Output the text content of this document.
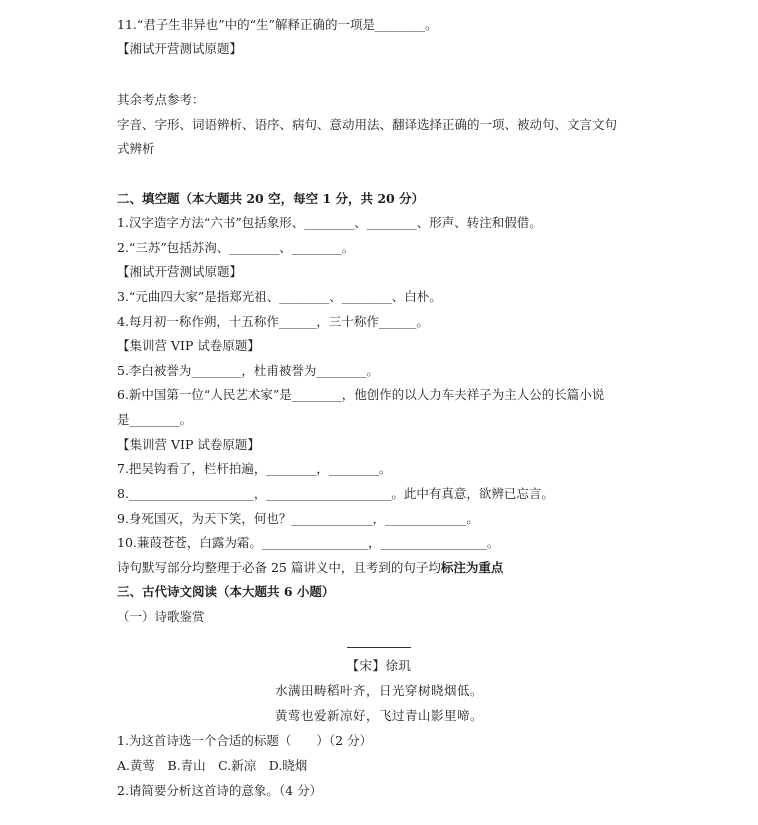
11.“君子生非异也”中的“生”解释正确的一项是________。
【湘试开营测试原题】
其余考点参考：
字音、字形、词语辨析、语序、病句、意动用法、翻译选择正确的一项、被动句、文言文句
式辨析
二、填空题（本大题共 20 空，每空 1 分，共 20 分）
1.汉字造字方法“六书”包括象形、________、________、形声、转注和假借。
2.“三苏”包括苏洵、________、________。
【湘试开营测试原题】
3.“元曲四大家”是指郑光祖、________、________、白朴。
4.每月初一称作朔，十五称作______，三十称作______。
【集训营 VIP 试卷原题】
5.李白被誉为________，杜甫被誉为________。
6.新中国第一位“人民艺术家”是________，他创作的以人力车夫祥子为主人公的长篇小说
是________。
【集训营 VIP 试卷原题】
7.把吴钩看了，栏杆拍遍，________，________。
8.____________________，____________________。此中有真意，欲辨已忘言。
9.身死国灭，为天下笑，何也？_____________，_____________。
10.蒹葭苍苍，白露为霜。_________________，_________________。
诗句默写部分均整理于必备 25 篇讲义中，且考到的句子均标注为重点
三、古代诗文阅读（本大题共 6 小题）
（一）诗歌鉴赏
【宋】徐玑
水满田畴稻叶齐，日光穿树晓烟低。
黄莺也爱新凉好，飞过青山影里啼。
1.为这首诗选一个合适的标题（　　）（2 分）
A.黄莺　B.青山　C.新凉　D.晓烟
2.请简要分析这首诗的意象。（4 分）
